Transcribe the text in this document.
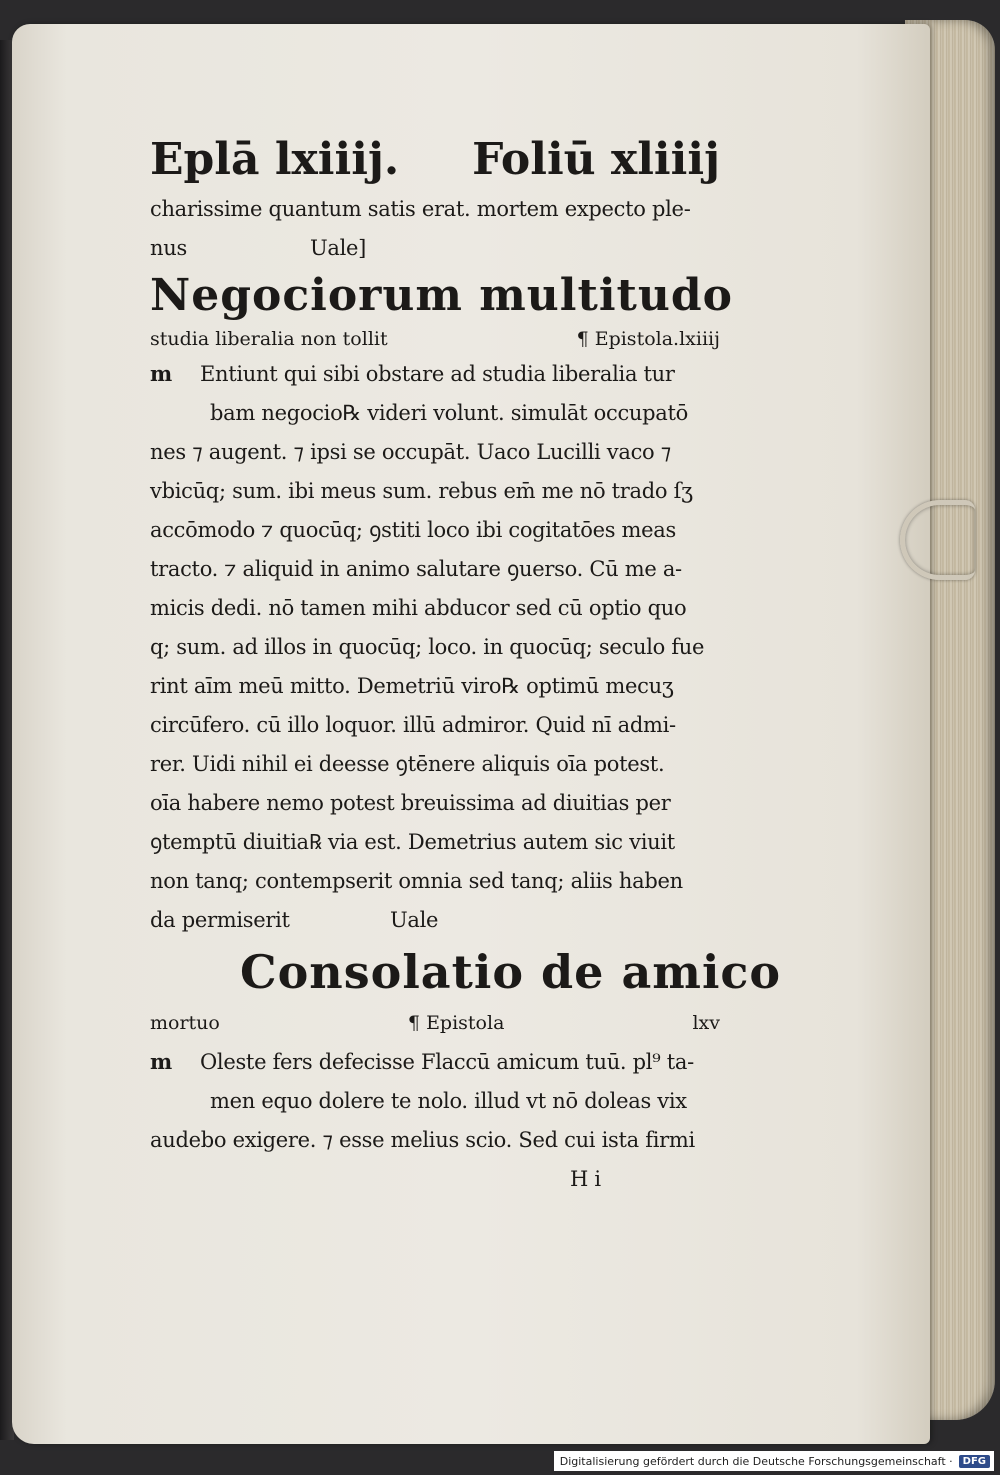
Eplā lxiiij. Foliū xliiij
charissime quantum satis erat. mortem expecto ple-
nus	Uale]
Negociorum multitudo
studia liberalia non tollit	¶ Epistola.lxiiij
m Entiunt qui sibi obstare ad studia liberalia tur
bam negocio℞ videri volunt. simulāt occupatō
nes ⁊ augent. ⁊ ipsi se occupāt. Uaco Lucilli vaco ⁊
vbicūq; sum. ibi meus sum. rebus em̄ me nō trado ſʒ
accōmodo ⁊ quocūq; ꝯstiti loco ibi cogitatōes meas
tracto. ⁊ aliquid in animo salutare ꝯuerso. Cū me a-
micis dedi. nō tamen mihi abducor sed cū optio quo
q; sum. ad illos in quocūq; loco. in quocūq; seculo fue
rint aīm meū mitto. Demetriū viro℞ optimū mecuʒ
circūfero. cū illo loquor. illū admiror. Quid nī admi-
rer. Uidi nihil ei deesse ꝯtēnere aliquis oīa potest.
oīa habere nemo potest breuissima ad diuitias per
ꝯtemptū diuitia℞ via est. Demetrius autem sic viuit
non tanq; contempserit omnia sed tanq; aliis haben
da permiserit	Uale
Consolatio de amico
mortuo	¶ Epistola	lxv
m Oleste fers defecisse Flaccū amicum tuū. pl⁹ ta-
men equo dolere te nolo. illud vt nō doleas vix
audebo exigere. ⁊ esse melius scio. Sed cui ista firmi
H i
Digitalisierung gefördert durch die Deutsche Forschungsgemeinschaft ·	DFG
